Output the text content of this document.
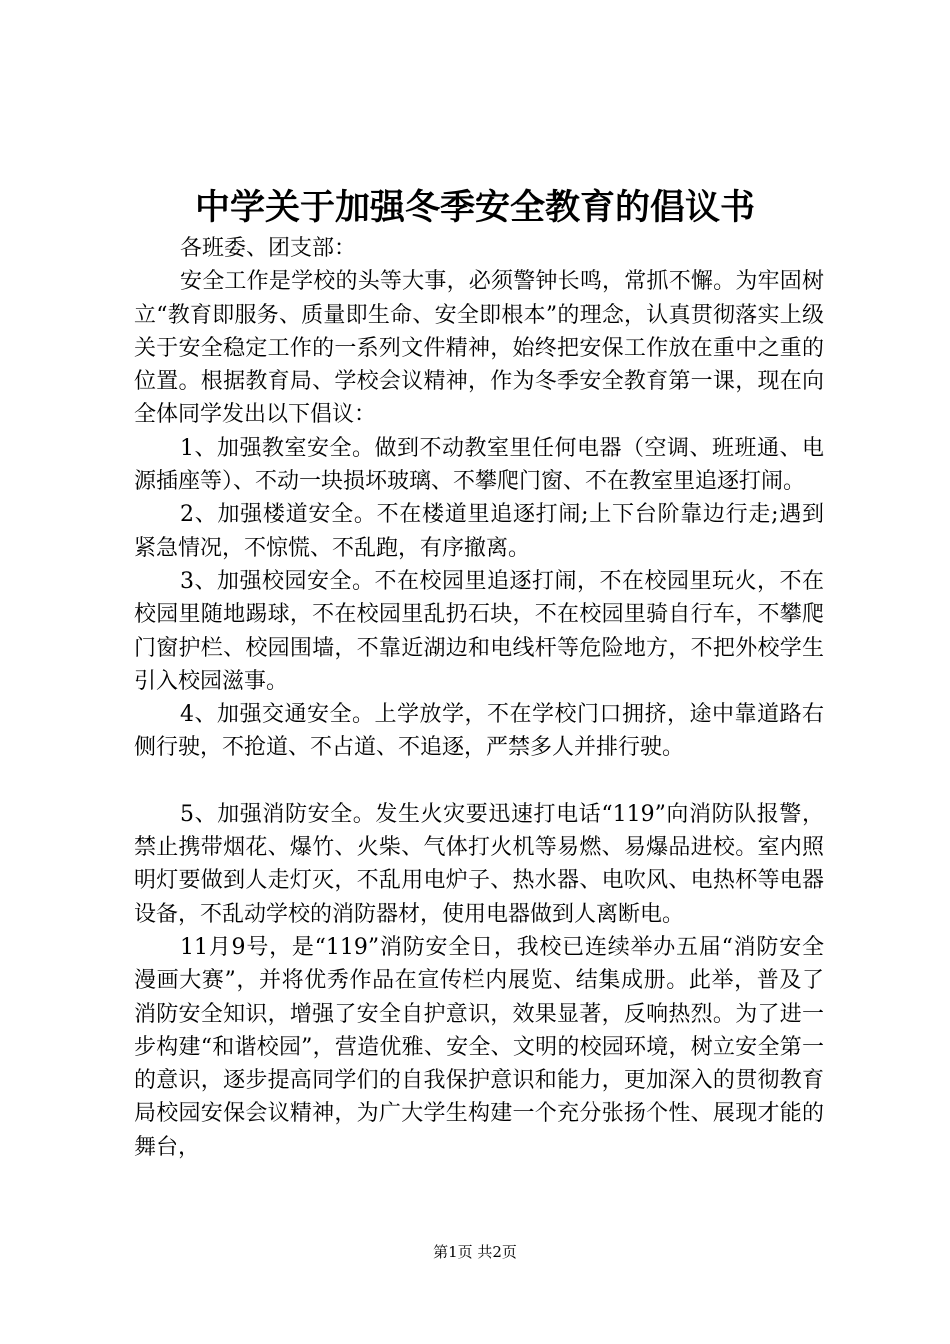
中学关于加强冬季安全教育的倡议书

各班委、团支部：

安全工作是学校的头等大事，必须警钟长鸣，常抓不懈。为牢固树立“教育即服务、质量即生命、安全即根本”的理念，认真贯彻落实上级关于安全稳定工作的一系列文件精神，始终把安保工作放在重中之重的位置。根据教育局、学校会议精神，作为冬季安全教育第一课，现在向全体同学发出以下倡议：

1、加强教室安全。做到不动教室里任何电器（空调、班班通、电源插座等）、不动一块损坏玻璃、不攀爬门窗、不在教室里追逐打闹。

2、加强楼道安全。不在楼道里追逐打闹;上下台阶靠边行走;遇到紧急情况，不惊慌、不乱跑，有序撤离。

3、加强校园安全。不在校园里追逐打闹，不在校园里玩火，不在校园里随地踢球，不在校园里乱扔石块，不在校园里骑自行车，不攀爬门窗护栏、校园围墙，不靠近湖边和电线杆等危险地方，不把外校学生引入校园滋事。

4、加强交通安全。上学放学，不在学校门口拥挤，途中靠道路右侧行驶，不抢道、不占道、不追逐，严禁多人并排行驶。

5、加强消防安全。发生火灾要迅速打电话“119”向消防队报警，禁止携带烟花、爆竹、火柴、气体打火机等易燃、易爆品进校。室内照明灯要做到人走灯灭，不乱用电炉子、热水器、电吹风、电热杯等电器设备，不乱动学校的消防器材，使用电器做到人离断电。

11月9号，是“119”消防安全日，我校已连续举办五届“消防安全漫画大赛”，并将优秀作品在宣传栏内展览、结集成册。此举，普及了消防安全知识，增强了安全自护意识，效果显著，反响热烈。为了进一步构建“和谐校园”，营造优雅、安全、文明的校园环境，树立安全第一的意识，逐步提高同学们的自我保护意识和能力，更加深入的贯彻教育局校园安保会议精神，为广大学生构建一个充分张扬个性、展现才能的舞台，

第1页 共2页
